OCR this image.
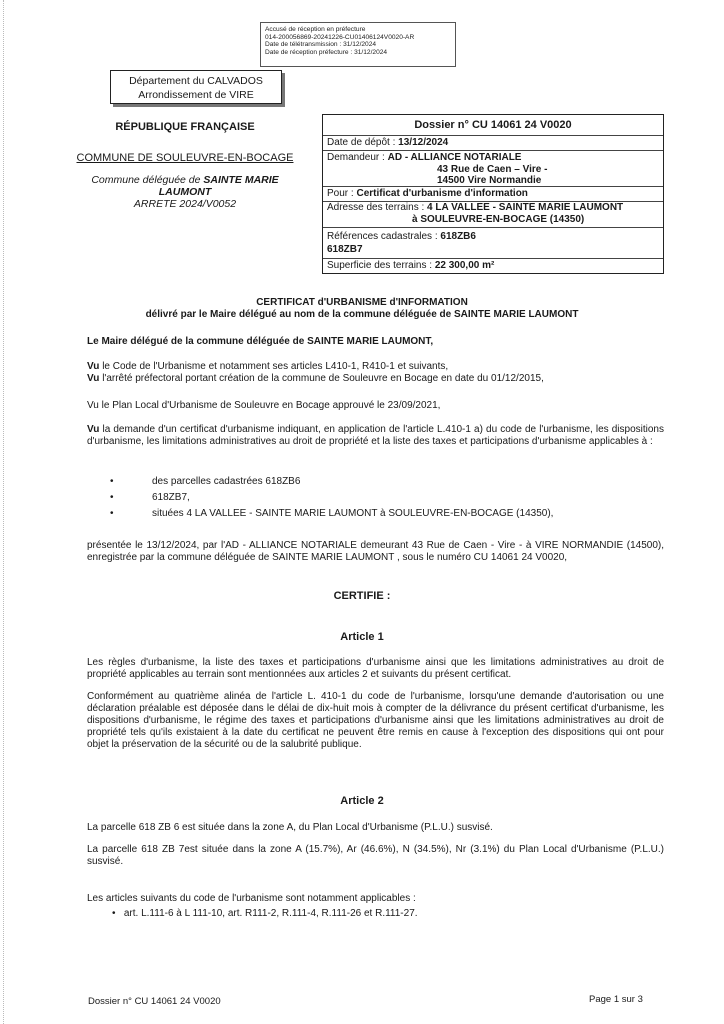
Accusé de réception en préfecture
014-200056869-20241226-CU01406124V0020-AR
Date de télétransmission : 31/12/2024
Date de réception préfecture : 31/12/2024
Département du CALVADOS
Arrondissement de VIRE
RÉPUBLIQUE FRANÇAISE
COMMUNE DE SOULEUVRE-EN-BOCAGE
Commune déléguée de SAINTE MARIE
LAUMONT
ARRETE 2024/V0052
Dossier n° CU 14061 24 V0020
Date de dépôt : 13/12/2024
Demandeur : AD - ALLIANCE NOTARIALE
43 Rue de Caen – Vire -
14500 Vire Normandie
Pour : Certificat d'urbanisme d'information
Adresse des terrains : 4 LA VALLEE - SAINTE MARIE LAUMONT
à SOULEUVRE-EN-BOCAGE (14350)
Références cadastrales : 618ZB6
618ZB7
Superficie des terrains : 22 300,00 m²
CERTIFICAT d'URBANISME d'INFORMATION
délivré par le Maire délégué au nom de la commune déléguée de SAINTE MARIE LAUMONT
Le Maire délégué de la commune déléguée de SAINTE MARIE LAUMONT,
Vu le Code de l'Urbanisme et notamment ses articles L410-1, R410-1 et suivants,
Vu l'arrêté préfectoral portant création de la commune de Souleuvre en Bocage en date du 01/12/2015,
Vu le Plan Local d'Urbanisme de Souleuvre en Bocage approuvé le 23/09/2021,
Vu la demande d'un certificat d'urbanisme indiquant, en application de l'article L.410-1 a) du code de l'urbanisme, les dispositions d'urbanisme, les limitations administratives au droit de propriété et la liste des taxes et participations d'urbanisme applicables à :
•	des parcelles cadastrées 618ZB6
•	618ZB7,
•	situées 4 LA VALLEE - SAINTE MARIE LAUMONT à SOULEUVRE-EN-BOCAGE (14350),
présentée le 13/12/2024, par l'AD - ALLIANCE NOTARIALE demeurant 43 Rue de Caen - Vire - à VIRE NORMANDIE (14500), enregistrée par la commune déléguée de SAINTE MARIE LAUMONT , sous le numéro CU 14061 24 V0020,
CERTIFIE :
Article 1
Les règles d'urbanisme, la liste des taxes et participations d'urbanisme ainsi que les limitations administratives au droit de propriété applicables au terrain sont mentionnées aux articles 2 et suivants du présent certificat.
Conformément au quatrième alinéa de l'article L. 410-1 du code de l'urbanisme, lorsqu'une demande d'autorisation ou une déclaration préalable est déposée dans le délai de dix-huit mois à compter de la délivrance du présent certificat d'urbanisme, les dispositions d'urbanisme, le régime des taxes et participations d'urbanisme ainsi que les limitations administratives au droit de propriété tels qu'ils existaient à la date du certificat ne peuvent être remis en cause à l'exception des dispositions qui ont pour objet la préservation de la sécurité ou de la salubrité publique.
Article 2
La parcelle 618 ZB 6 est située dans la zone A, du Plan Local d'Urbanisme (P.L.U.) susvisé.
La parcelle 618 ZB 7est située dans la zone A (15.7%), Ar (46.6%), N (34.5%), Nr (3.1%) du Plan Local d'Urbanisme (P.L.U.) susvisé.
Les articles suivants du code de l'urbanisme sont notamment applicables :
• art. L.111-6 à L 111-10, art. R111-2, R.111-4, R.111-26 et R.111-27.
Dossier n° CU 14061 24 V0020	Page 1 sur 3
